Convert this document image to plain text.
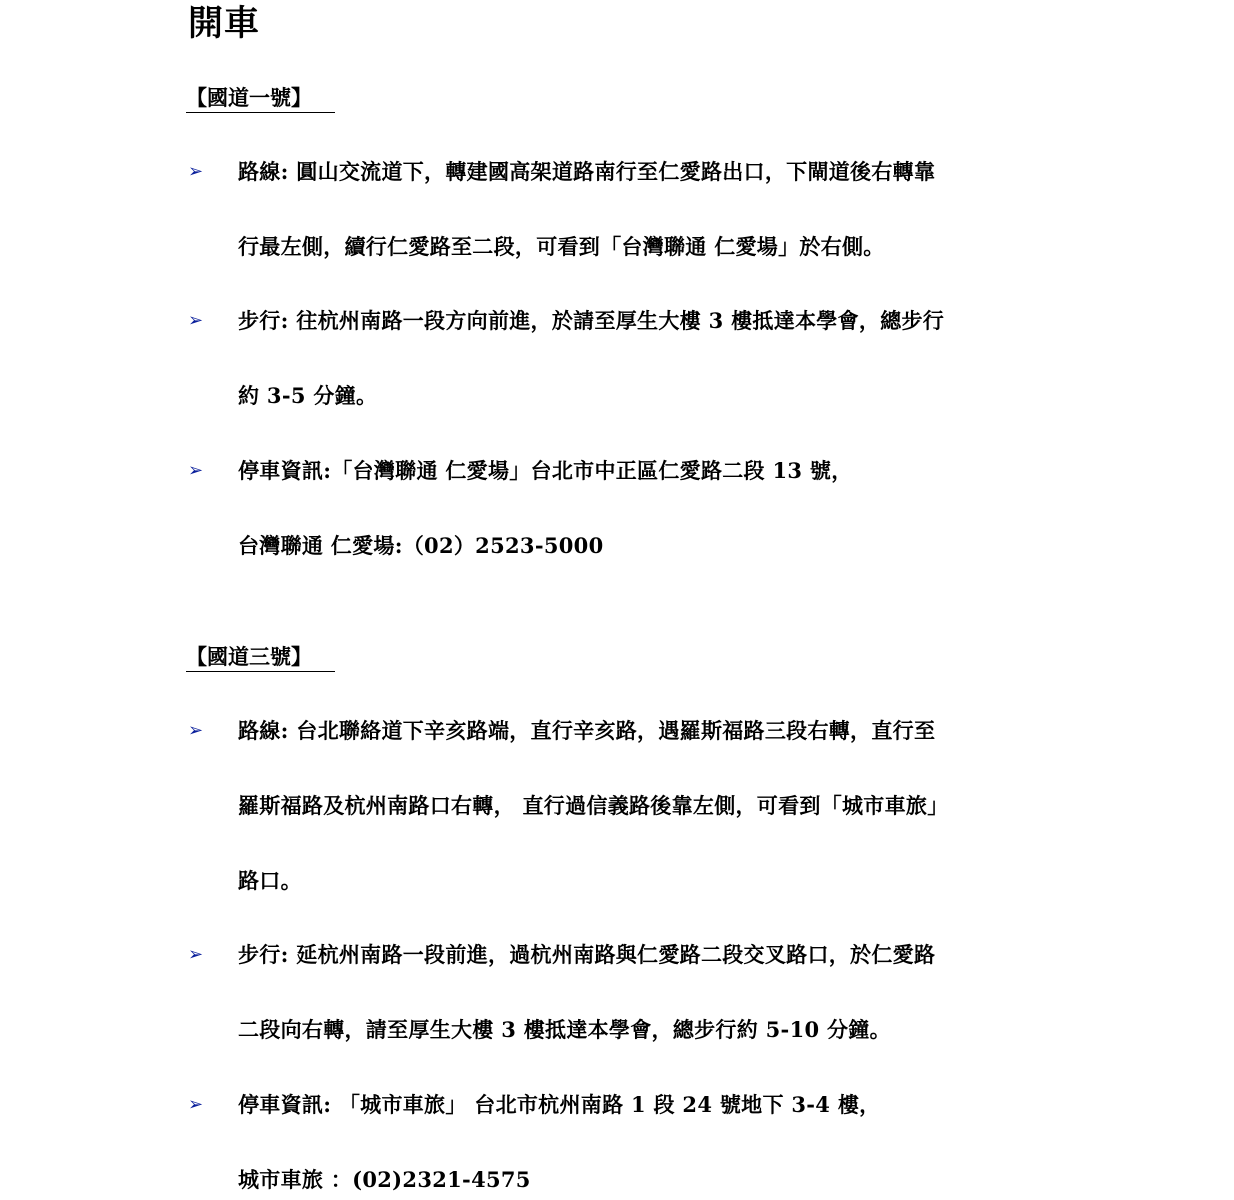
開車
【國道一號】
➢ 路線: 圓山交流道下，轉建國高架道路南行至仁愛路出口，下閘道後右轉靠
行最左側，續行仁愛路至二段，可看到「台灣聯通 仁愛場」於右側。
➢ 步行: 往杭州南路一段方向前進，於請至厚生大樓 3 樓抵達本學會，總步行
約 3-5 分鐘。
➢ 停車資訊:「台灣聯通 仁愛場」台北市中正區仁愛路二段 13 號，
台灣聯通 仁愛場:（02）2523-5000
【國道三號】
➢ 路線: 台北聯絡道下辛亥路端，直行辛亥路，遇羅斯福路三段右轉，直行至
羅斯福路及杭州南路口右轉， 直行過信義路後靠左側，可看到「城市車旅」
路口。
➢ 步行: 延杭州南路一段前進，過杭州南路與仁愛路二段交叉路口，於仁愛路
二段向右轉，請至厚生大樓 3 樓抵達本學會，總步行約 5-10 分鐘。
➢ 停車資訊: 「城市車旅」 台北市杭州南路 1 段 24 號地下 3-4 樓，
城市車旅 ：(02)2321-4575
